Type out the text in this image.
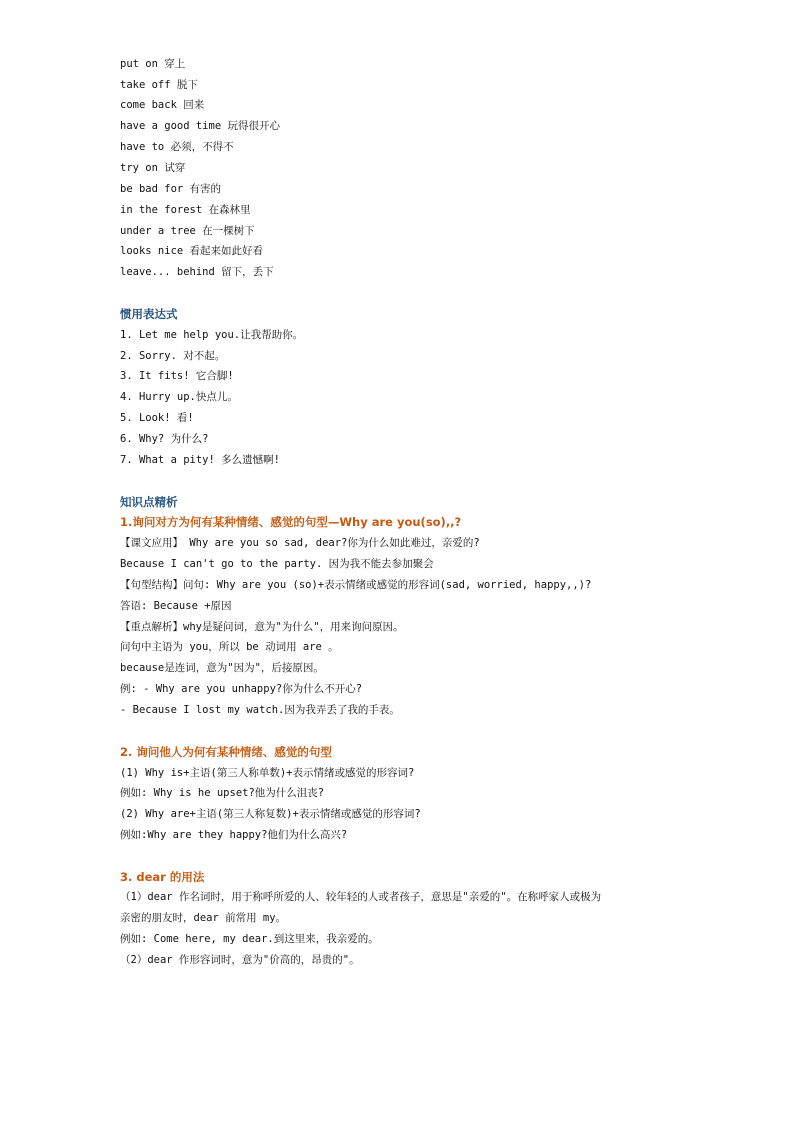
put on 穿上
take off 脱下
come back 回来
have a good time 玩得很开心
have to 必须，不得不
try on 试穿
be bad for 有害的
in the forest 在森林里
under a tree 在一棵树下
looks nice 看起来如此好看
leave... behind 留下，丢下
惯用表达式
1. Let me help you.让我帮助你。
2. Sorry. 对不起。
3. It fits! 它合脚!
4. Hurry up.快点儿。
5. Look! 看!
6. Why? 为什么?
7. What a pity! 多么遗憾啊!
知识点精析
1.询问对方为何有某种情绪、感觉的句型—Why are you(so),,?
【课文应用】 Why are you so sad, dear?你为什么如此难过，亲爱的?
Because I can't go to the party. 因为我不能去参加聚会
【句型结构】问句: Why are you (so)+表示情绪或感觉的形容词(sad, worried, happy,,)?
答语: Because +原因
【重点解析】why是疑问词，意为"为什么"，用来询问原因。
问句中主语为 you，所以 be 动词用 are 。
because是连词，意为"因为"，后接原因。
例: - Why are you unhappy?你为什么不开心?
- Because I lost my watch.因为我弄丢了我的手表。
2. 询问他人为何有某种情绪、感觉的句型
(1) Why is+主语(第三人称单数)+表示情绪或感觉的形容词?
例如: Why is he upset?他为什么沮丧?
(2) Why are+主语(第三人称复数)+表示情绪或感觉的形容词?
例如:Why are they happy?他们为什么高兴?
3. dear 的用法
（1）dear 作名词时，用于称呼所爱的人、较年轻的人或者孩子，意思是"亲爱的"。在称呼家人或极为
亲密的朋友时，dear 前常用 my。
例如: Come here, my dear.到这里来，我亲爱的。
（2）dear 作形容词时，意为"价高的，昂贵的"。
